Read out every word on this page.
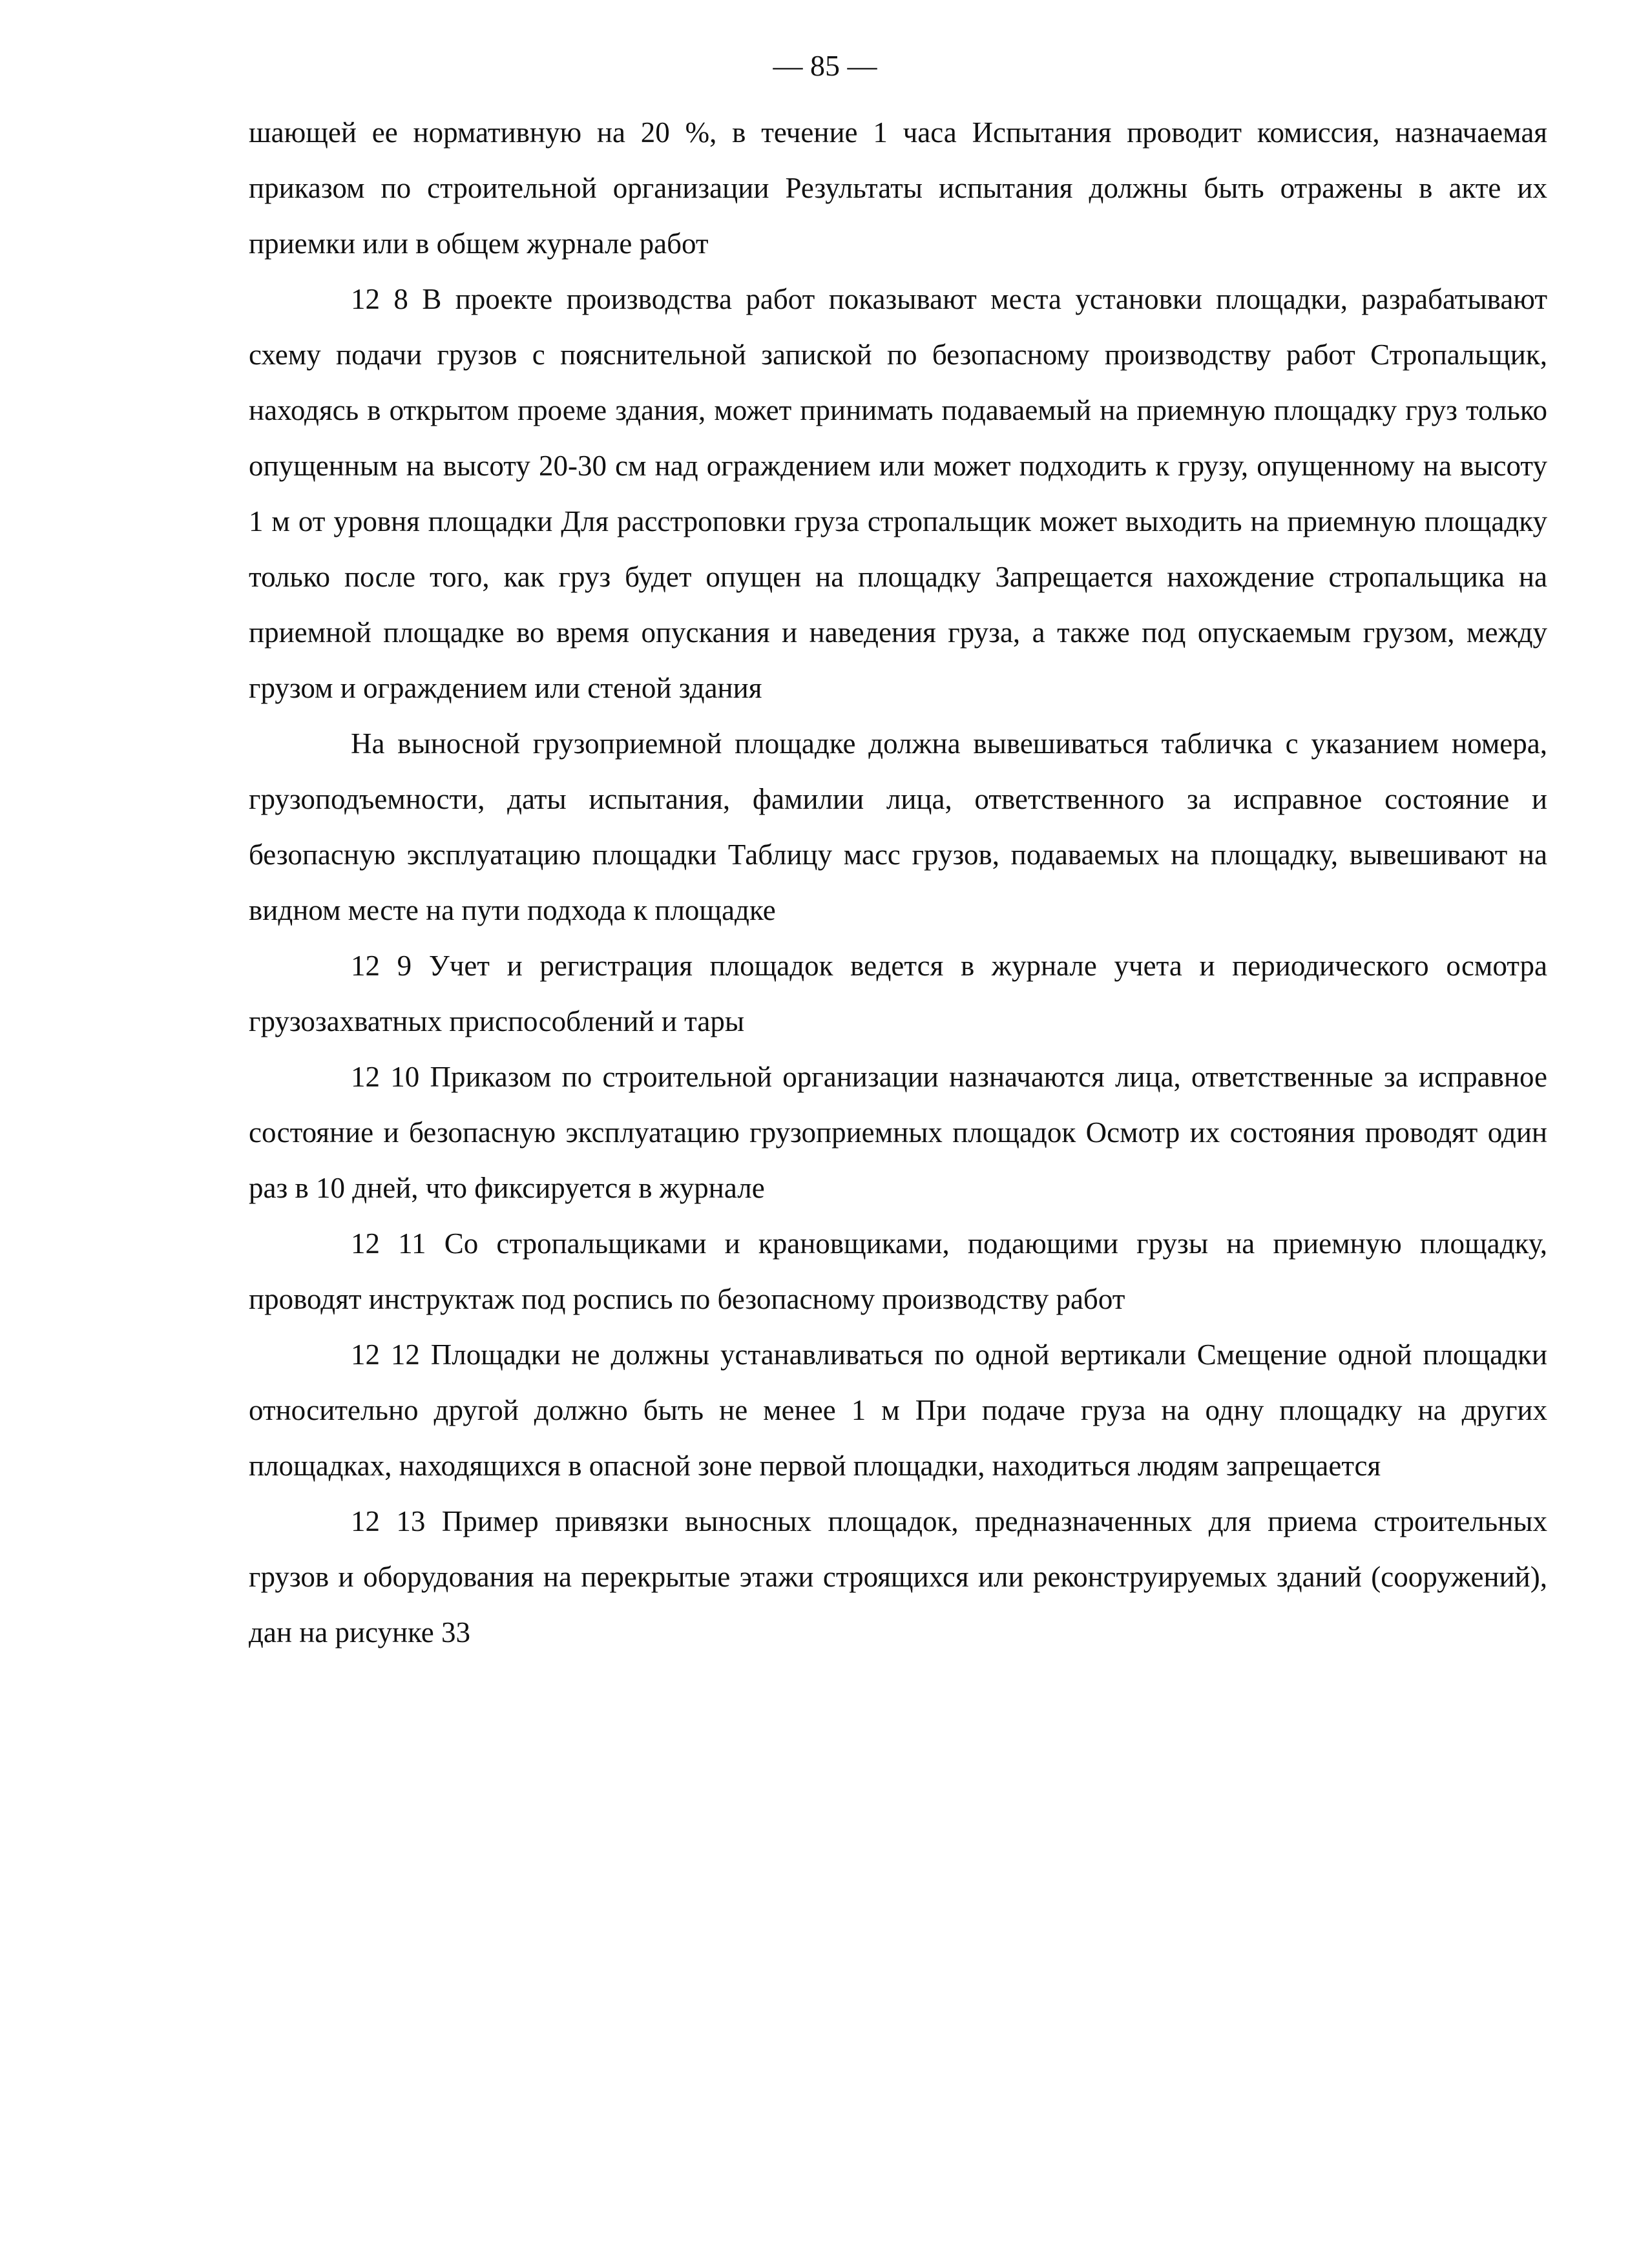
— 85 —

шающей ее нормативную на 20 %, в течение 1 часа Испытания проводит комиссия, назначаемая приказом по строительной организации Результаты испытания должны быть отражены в акте их приемки или в общем журнале работ

12 8 В проекте производства работ показывают места установки площадки, разрабатывают схему подачи грузов с пояснительной запиской по безопасному производству работ Стропальщик, находясь в открытом проеме здания, может принимать подаваемый на приемную площадку груз только опущенным на высоту 20-30 см над ограждением или может подходить к грузу, опущенному на высоту 1 м от уровня площадки Для расстроповки груза стропальщик может выходить на приемную площадку только после того, как груз будет опущен на площадку Запрещается нахождение стропальщика на приемной площадке во время опускания и наведения груза, а также под опускаемым грузом, между грузом и ограждением или стеной здания

На выносной грузоприемной площадке должна вывешиваться табличка с указанием номера, грузоподъемности, даты испытания, фамилии лица, ответственного за исправное состояние и безопасную эксплуатацию площадки Таблицу масс грузов, подаваемых на площадку, вывешивают на видном месте на пути подхода к площадке

12 9 Учет и регистрация площадок ведется в журнале учета и периодического осмотра грузозахватных приспособлений и тары

12 10 Приказом по строительной организации назначаются лица, ответственные за исправное состояние и безопасную эксплуатацию грузоприемных площадок Осмотр их состояния проводят один раз в 10 дней, что фиксируется в журнале

12 11 Со стропальщиками и крановщиками, подающими грузы на приемную площадку, проводят инструктаж под роспись по безопасному производству работ

12 12 Площадки не должны устанавливаться по одной вертикали Смещение одной площадки относительно другой должно быть не менее 1 м При подаче груза на одну площадку на других площадках, находящихся в опасной зоне первой площадки, находиться людям запрещается

12 13 Пример привязки выносных площадок, предназначенных для приема строительных грузов и оборудования на перекрытые этажи строящихся или реконструируемых зданий (сооружений), дан на рисунке 33
